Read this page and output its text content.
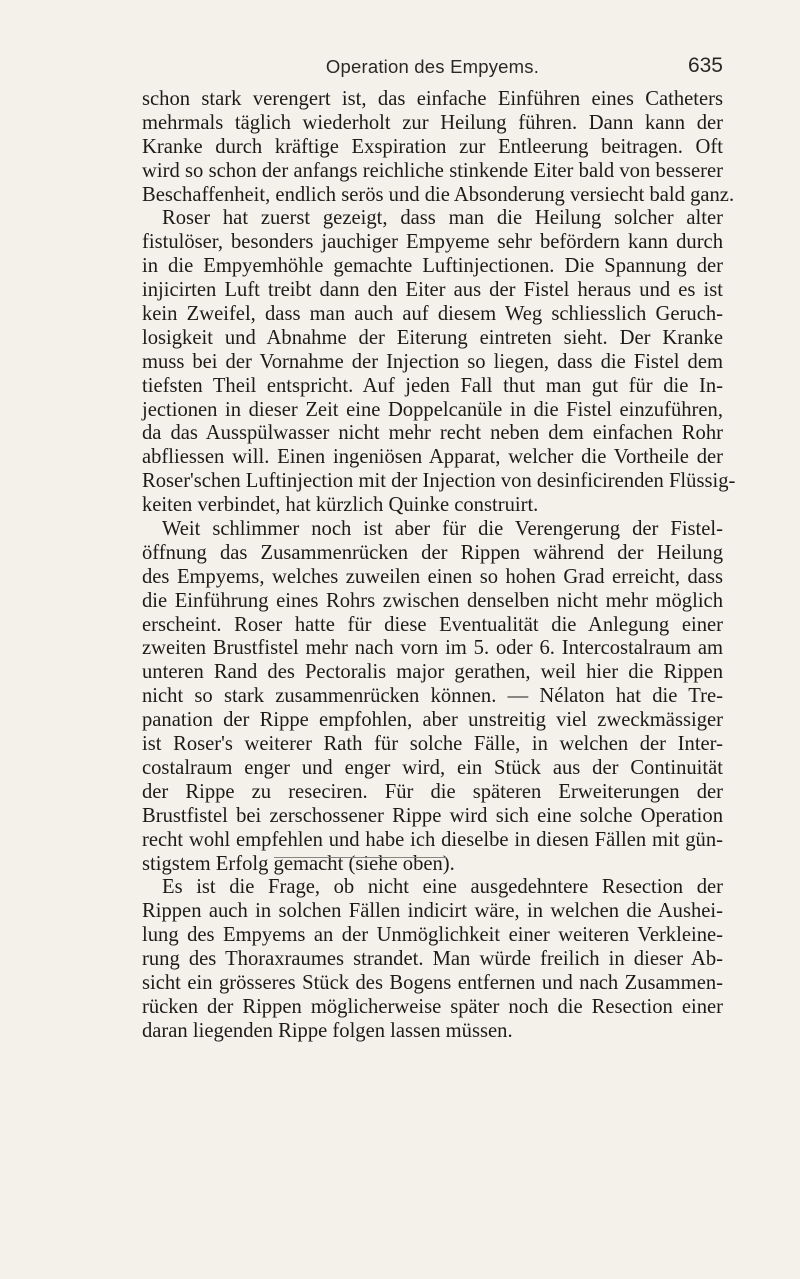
Operation des Empyems.	635
schon stark verengert ist, das einfache Einführen eines Catheters
mehrmals täglich wiederholt zur Heilung führen. Dann kann der
Kranke durch kräftige Exspiration zur Entleerung beitragen. Oft
wird so schon der anfangs reichliche stinkende Eiter bald von besserer
Beschaffenheit, endlich serös und die Absonderung versiecht bald ganz.
Roser hat zuerst gezeigt, dass man die Heilung solcher alter
fistulöser, besonders jauchiger Empyeme sehr befördern kann durch
in die Empyemhöhle gemachte Luftinjectionen. Die Spannung der
injicirten Luft treibt dann den Eiter aus der Fistel heraus und es ist
kein Zweifel, dass man auch auf diesem Weg schliesslich Geruch-
losigkeit und Abnahme der Eiterung eintreten sieht. Der Kranke
muss bei der Vornahme der Injection so liegen, dass die Fistel dem
tiefsten Theil entspricht. Auf jeden Fall thut man gut für die In-
jectionen in dieser Zeit eine Doppelcanüle in die Fistel einzuführen,
da das Ausspülwasser nicht mehr recht neben dem einfachen Rohr
abfliessen will. Einen ingeniösen Apparat, welcher die Vortheile der
Roser'schen Luftinjection mit der Injection von desinficirenden Flüssig-
keiten verbindet, hat kürzlich Quinke construirt.
Weit schlimmer noch ist aber für die Verengerung der Fistel-
öffnung das Zusammenrücken der Rippen während der Heilung
des Empyems, welches zuweilen einen so hohen Grad erreicht, dass
die Einführung eines Rohrs zwischen denselben nicht mehr möglich
erscheint. Roser hatte für diese Eventualität die Anlegung einer
zweiten Brustfistel mehr nach vorn im 5. oder 6. Intercostalraum am
unteren Rand des Pectoralis major gerathen, weil hier die Rippen
nicht so stark zusammenrücken können. — Nélaton hat die Tre-
panation der Rippe empfohlen, aber unstreitig viel zweckmässiger
ist Roser's weiterer Rath für solche Fälle, in welchen der Inter-
costalraum enger und enger wird, ein Stück aus der Continuität
der Rippe zu reseciren. Für die späteren Erweiterungen der
Brustfistel bei zerschossener Rippe wird sich eine solche Operation
recht wohl empfehlen und habe ich dieselbe in diesen Fällen mit gün-
stigstem Erfolg gemacht (siehe oben).
Es ist die Frage, ob nicht eine ausgedehntere Resection der
Rippen auch in solchen Fällen indicirt wäre, in welchen die Aushei-
lung des Empyems an der Unmöglichkeit einer weiteren Verkleine-
rung des Thoraxraumes strandet. Man würde freilich in dieser Ab-
sicht ein grösseres Stück des Bogens entfernen und nach Zusammen-
rücken der Rippen möglicherweise später noch die Resection einer
daran liegenden Rippe folgen lassen müssen.
